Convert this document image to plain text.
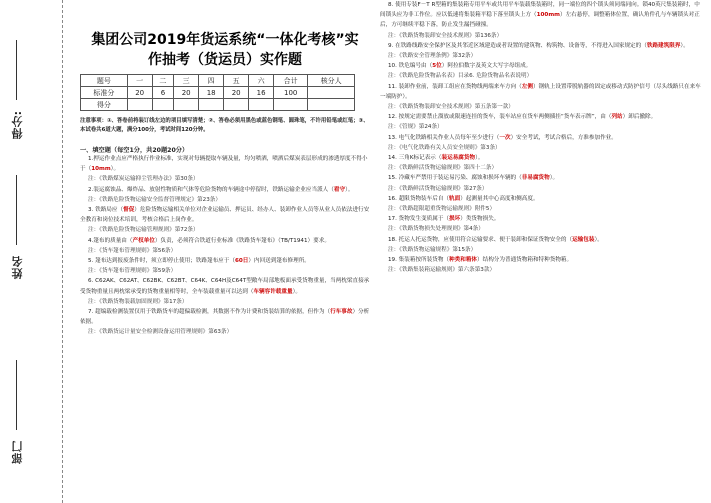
得分:
姓名
部门
集团公司2019年货运系统“一体化考核”实
作抽考（货运员）实作题
题号	一	二	三	四	五	六	合计	核分人
标准分	20	6	20	18	20	16	100	
得分								
注意事项：①、答卷前将装订线左边的项目填写清楚；②、答卷必须用黑色或蓝色钢笔、圆珠笔，不许用铅笔或红笔；③、本试卷共6道大题，满分100分，考试时间120分钟。
一、填空题（每空1分，共20题20分）
1.押运作业点应严格执行作业标准，实现对每辆提取车辆及量，均匀喷洒，喷洒后煤炭表层形成的渗透厚度不得小于（10mm）。
注：《铁路煤炭运输抑尘管理办法》第30条）
2.装运腐蚀品、爆炸品、放射性物质和气体等危险货物的车辆途中停留时，铁路运输企业应当派人（看守）。
注：《铁路危险货物运输安全监督管理规定》第23条）
3. 铁路局应（督促）危险货物运输相关单位对企业运输员、押运员、经办人、装卸作业人员等从业人员依法进行安全教育和岗位技术培训，考核合格后上岗作业。
注：《铁路危险货物运输管理规则》第72条）
4.篷布的质量由（产权单位）负责，必须符合铁道行业标准《铁路货车篷布》（TB/T1941）要求。
注：《货车篷布管理规则》第56条）
5. 篷布达到报废条件时，须立即停止使用；铁路篷布应于（60日）内回送到篷布修理所。
注：《货车篷布管理规则》第59条）
6. C62AK、C62AT、C62BK、C62BT、C64K、C64H及C64T型敞车局部地板面承受货物重量，当两枕梁直接承受货物重量且两枕梁承受的货物重量相等时，全车装载重量可以达到（车辆容许载重量）。
注：《铁路货物装载加固规则》第17条）
7. 超编载检测装置仅用于铁路货车的超偏载检测，其数据不作为计费和货装结算的依据，但作为（行车事故）分析依据。
注：《铁路货运计量安全检测设备运用管理规则》第63条）
8. 使用专装F－T R型箱的集装箱专用平车或共用平车装载集装箱时，同一端位的四个锁头须同端同向。锁40英尺集装箱时，中间锁头应为非工作位。应以低速将集装箱平稳下落至锁头上方（100mm）左右悬停，调整箱体位置，确认角件孔与车辆锁头对正后，方可继续平稳下落，防止发生漏挡碰撞。
注：《铁路货物装卸安全技术规则》第136条）
9. 在铁路线路安全保护区及其邻近区域建造或者设置的建筑物、构筑物、设备等，不得进入国家规定的（铁路建筑限界）。
注：《铁路安全管理条例》第32条）
10. 铁危编号由（5位）阿拉伯数字及英文大写字母组成。
注：《铁路危险货物品名表》目录6. 危险货物品名表说明）
11. 装卸作业前，装卸工组应在货物线两端来车方向（左侧）钢轨上设置带脱轨器的固定或移动式防护信号（尽头线路只在来车一端防护）。
注：《铁路货物装卸安全技术规则》第五条第一款）
12. 按规定需要禁止溜放或限速连挂的货车，装车站应在货车两侧插挂“货车表示牌”，由（列站）卸后撤除。
注：《管规》第24条）
13. 电气化铁路相关作业人员每年至少进行（一次）安全考试，考试合格后，方准参加作业。
注：《电气化铁路有关人员安全规则》第3条）
14. 三角K标记表示（装运易腐货物）。
注：《铁路鲜活货物运输规则》第四十二条）
15. 冷藏车严禁用于装运易污染、腐蚀和损坏车辆的（非易腐货物）。
注：《铁路鲜活货物运输规则》第27条）
16. 超限货物装车后自（轨面）起测量其中心高度和侧高度。
注：《铁路超限超重货物运输规则》附件5）
17. 货物发生变质属于（损坏）类货物损失。
注：《铁路货物损失处理规则》第4条）
18. 托运人托运货物，应使用符合运输要求、便于装卸和保证货物安全的（运输包装）。
注：《铁路货物运输规程》第15条）
19. 集装箱按所装货物（种类和箱体）结构分为普通货物箱和特种货物箱。
注：《铁路集装箱运输规则》第六条第3款）
